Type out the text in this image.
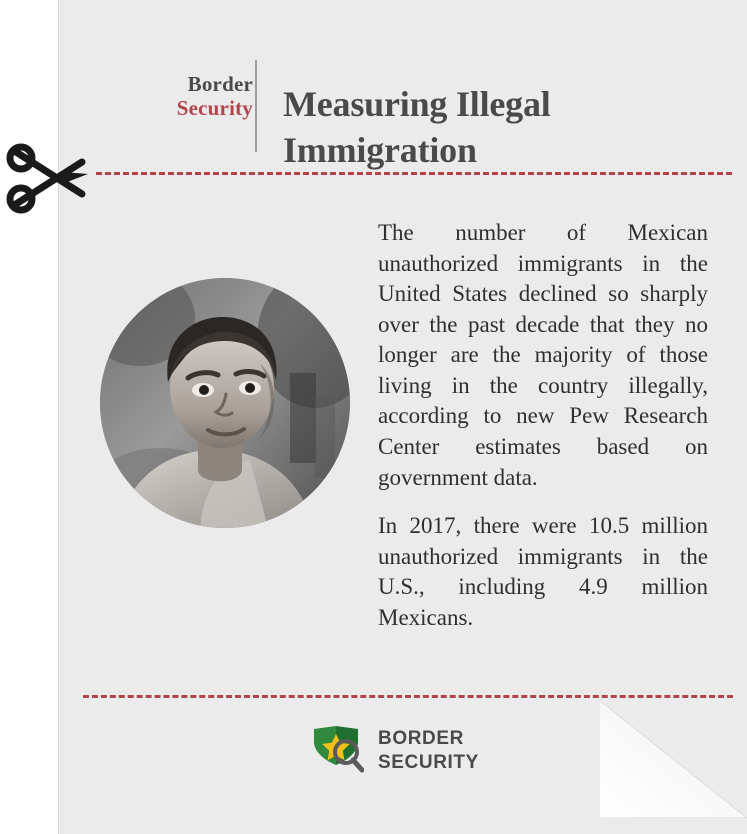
Border
Security Measuring Illegal Immigration

The number of Mexican unauthorized immigrants in the United States declined so sharply over the past decade that they no longer are the majority of those living in the country illegally, according to new Pew Research Center estimates based on government data.

In 2017, there were 10.5 million unauthorized immigrants in the U.S., including 4.9 million Mexicans.

BORDER
SECURITY
